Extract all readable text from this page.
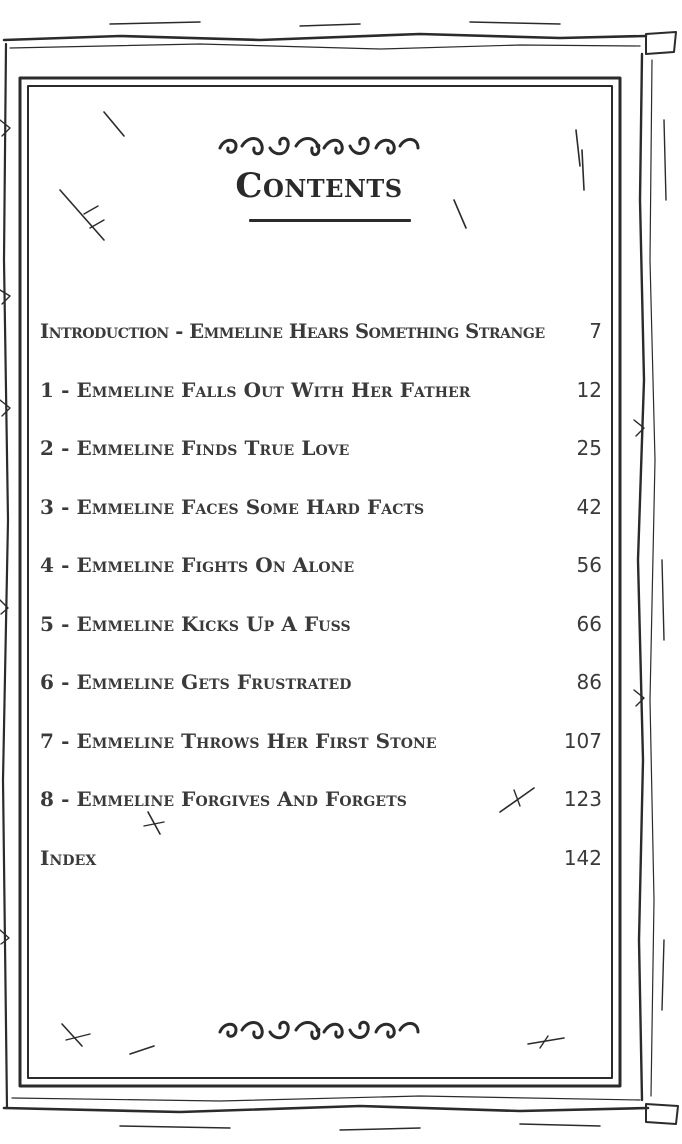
Contents
Introduction - Emmeline Hears Something Strange 7
1 - Emmeline Falls Out With Her Father	12
2 - Emmeline Finds True Love	25
3 - Emmeline Faces Some Hard Facts	42
4 - Emmeline Fights On Alone	56
5 - Emmeline Kicks Up A Fuss	66
6 - Emmeline Gets Frustrated	86
7 - Emmeline Throws Her First Stone	107
8 - Emmeline Forgives And Forgets	123
Index	142
